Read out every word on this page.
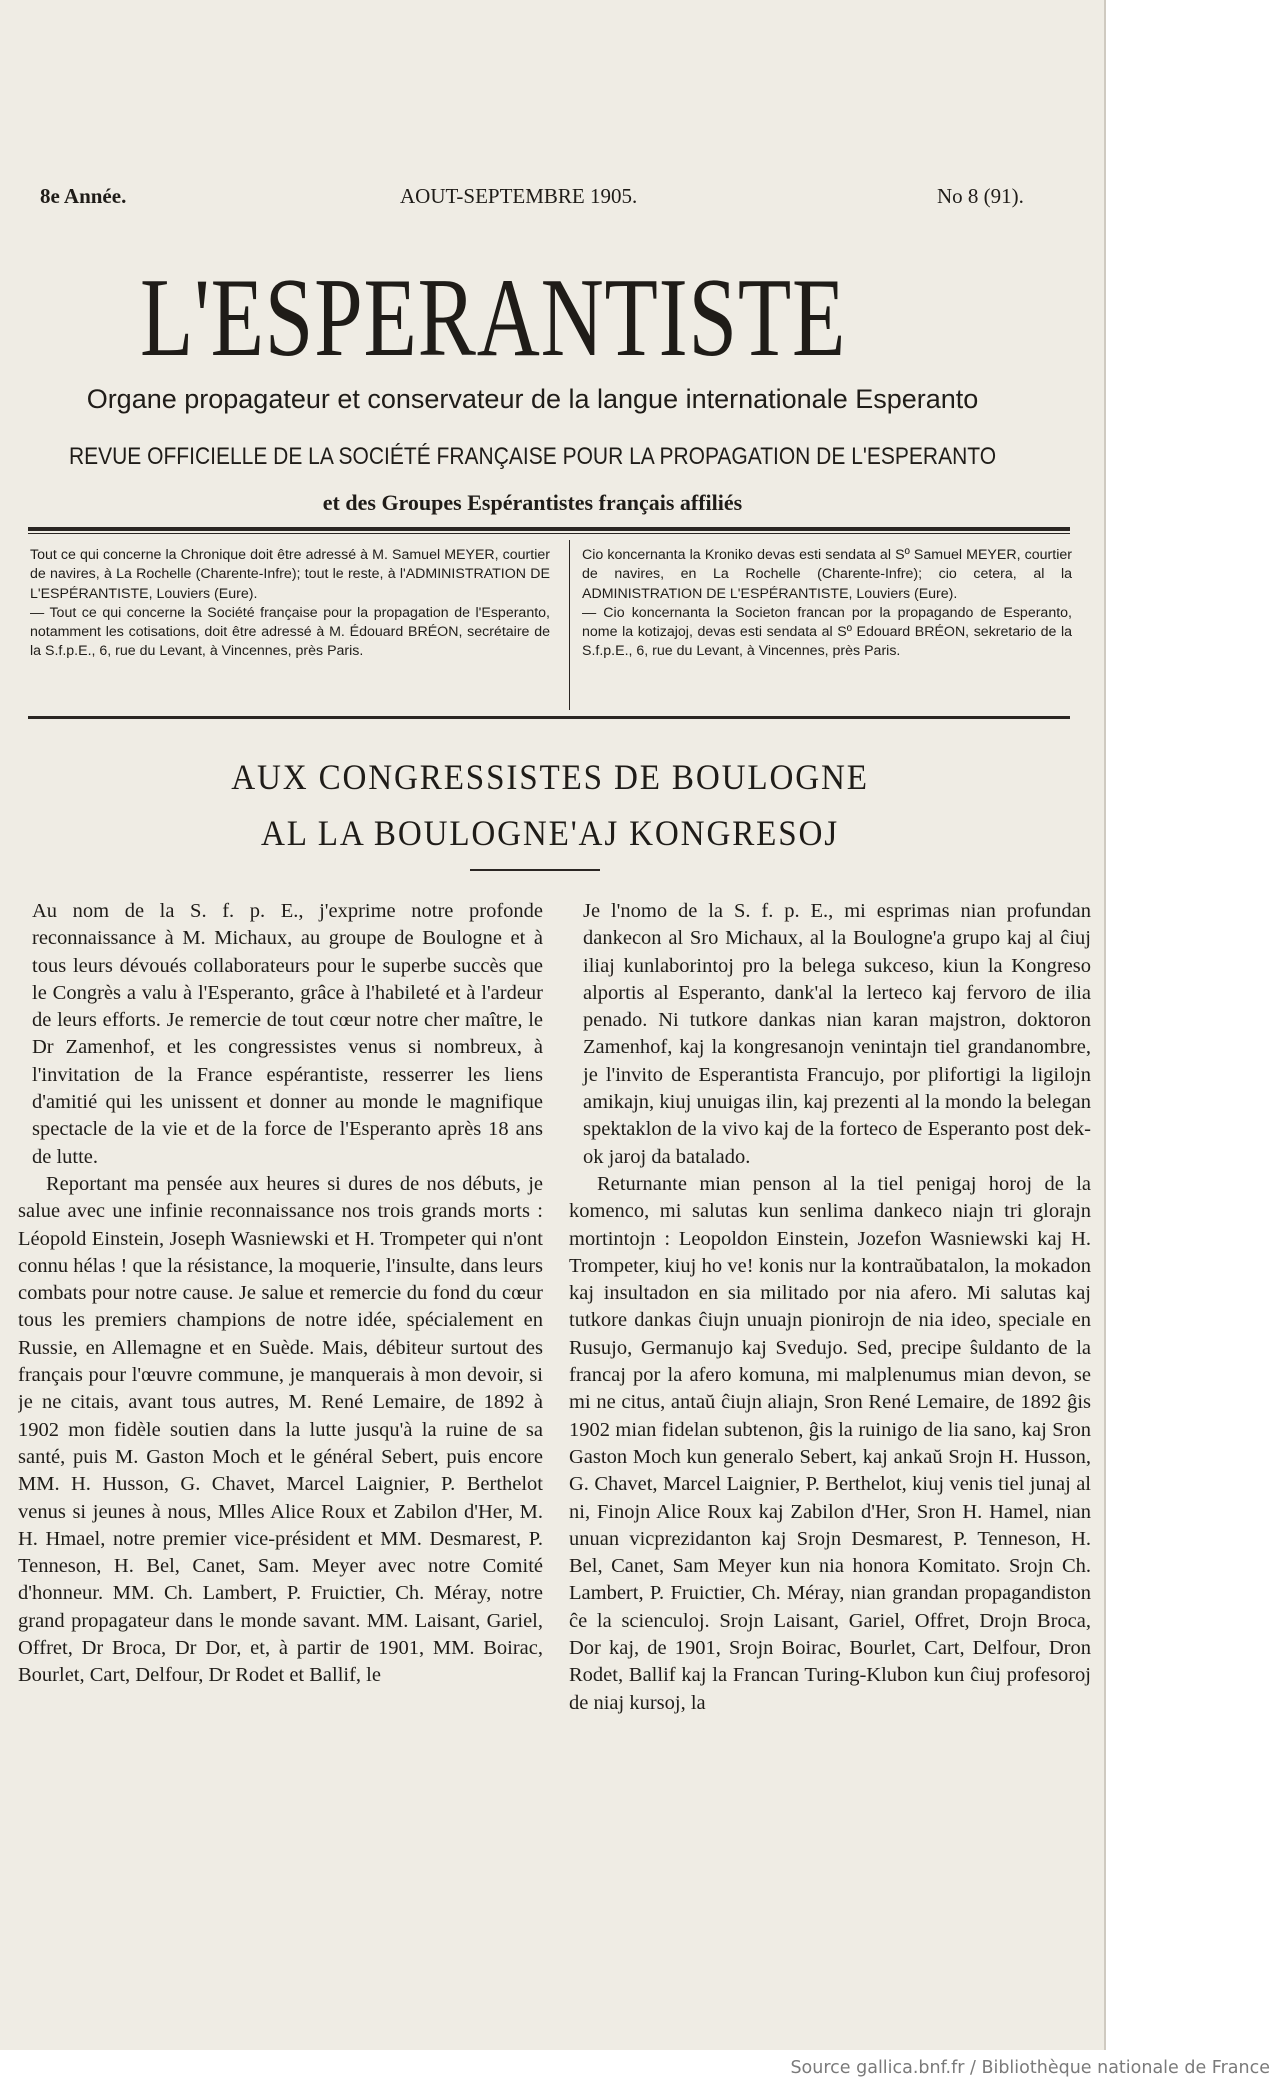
8e Année.	AOUT-SEPTEMBRE 1905.	No 8 (91).
L'ESPERANTISTE
Organe propagateur et conservateur de la langue internationale Esperanto
REVUE OFFICIELLE DE LA SOCIÉTÉ FRANÇAISE POUR LA PROPAGATION DE L'ESPERANTO
et des Groupes Espérantistes français affiliés

Tout ce qui concerne la Chronique doit être adressé à M. Samuel MEYER, courtier de navires, à La Rochelle (Charente-Infre); tout le reste, à l'ADMINISTRATION DE L'ESPÉRANTISTE, Louviers (Eure).

— Tout ce qui concerne la Société française pour la propagation de l'Esperanto, notamment les cotisations, doit être adressé à M. Édouard BRÉON, secrétaire de la S.f.p.E., 6, rue du Levant, à Vincennes, près Paris.

Cio koncernanta la Kroniko devas esti sendata al Sº Samuel MEYER, courtier de navires, en La Rochelle (Charente-Infre); cio cetera, al la ADMINISTRATION DE L'ESPÉRANTISTE, Louviers (Eure).

— Cio koncernanta la Societon francan por la propagando de Esperanto, nome la kotizajoj, devas esti sendata al Sº Edouard BRÉON, sekretario de la S.f.p.E., 6, rue du Levant, à Vincennes, près Paris.

AUX CONGRESSISTES DE BOULOGNE
AL LA BOULOGNE'AJ KONGRESOJ

Au nom de la S. f. p. E., j'exprime notre profonde reconnaissance à M. Michaux, au groupe de Boulogne et à tous leurs dévoués collaborateurs pour le superbe succès que le Congrès a valu à l'Esperanto, grâce à l'habileté et à l'ardeur de leurs efforts. Je remercie de tout cœur notre cher maître, le Dr Zamenhof, et les congressistes venus si nombreux, à l'invitation de la France espérantiste, resserrer les liens d'amitié qui les unissent et donner au monde le magnifique spectacle de la vie et de la force de l'Esperanto après 18 ans de lutte.

Reportant ma pensée aux heures si dures de nos débuts, je salue avec une infinie reconnaissance nos trois grands morts : Léopold Einstein, Joseph Wasniewski et H. Trompeter qui n'ont connu hélas ! que la résistance, la moquerie, l'insulte, dans leurs combats pour notre cause. Je salue et remercie du fond du cœur tous les premiers champions de notre idée, spécialement en Russie, en Allemagne et en Suède. Mais, débiteur surtout des français pour l'œuvre commune, je manquerais à mon devoir, si je ne citais, avant tous autres, M. René Lemaire, de 1892 à 1902 mon fidèle soutien dans la lutte jusqu'à la ruine de sa santé, puis M. Gaston Moch et le général Sebert, puis encore MM. H. Husson, G. Chavet, Marcel Laignier, P. Berthelot venus si jeunes à nous, Mlles Alice Roux et Zabilon d'Her, M. H. Hmael, notre premier vice-président et MM. Desmarest, P. Tenneson, H. Bel, Canet, Sam. Meyer avec notre Comité d'honneur. MM. Ch. Lambert, P. Fruictier, Ch. Méray, notre grand propagateur dans le monde savant. MM. Laisant, Gariel, Offret, Dr Broca, Dr Dor, et, à partir de 1901, MM. Boirac, Bourlet, Cart, Delfour, Dr Rodet et Ballif, le

Je l'nomo de la S. f. p. E., mi esprimas nian profundan dankecon al Sro Michaux, al la Boulogne'a grupo kaj al ĉiuj iliaj kunlaborintoj pro la belega sukceso, kiun la Kongreso alportis al Esperanto, dank'al la lerteco kaj fervoro de ilia penado. Ni tutkore dankas nian karan majstron, doktoron Zamenhof, kaj la kongresanojn venintajn tiel grandanombre, je l'invito de Esperantista Francujo, por plifortigi la ligilojn amikajn, kiuj unuigas ilin, kaj prezenti al la mondo la belegan spektaklon de la vivo kaj de la forteco de Esperanto post dek-ok jaroj da batalado.

Returnante mian penson al la tiel penigaj horoj de la komenco, mi salutas kun senlima dankeco niajn tri glorajn mortintojn : Leopoldon Einstein, Jozefon Wasniewski kaj H. Trompeter, kiuj ho ve! konis nur la kontraŭbatalon, la mokadon kaj insultadon en sia militado por nia afero. Mi salutas kaj tutkore dankas ĉiujn unuajn pionirojn de nia ideo, speciale en Rusujo, Germanujo kaj Svedujo. Sed, precipe ŝuldanto de la francaj por la afero komuna, mi malplenumus mian devon, se mi ne citus, antaŭ ĉiujn aliajn, Sron René Lemaire, de 1892 ĝis 1902 mian fidelan subtenon, ĝis la ruinigo de lia sano, kaj Sron Gaston Moch kun generalo Sebert, kaj ankaŭ Srojn H. Husson, G. Chavet, Marcel Laignier, P. Berthelot, kiuj venis tiel junaj al ni, Finojn Alice Roux kaj Zabilon d'Her, Sron H. Hamel, nian unuan vicprezidanton kaj Srojn Desmarest, P. Tenneson, H. Bel, Canet, Sam Meyer kun nia honora Komitato. Srojn Ch. Lambert, P. Fruictier, Ch. Méray, nian grandan propagandiston ĉe la scienculoj. Srojn Laisant, Gariel, Offret, Drojn Broca, Dor kaj, de 1901, Srojn Boirac, Bourlet, Cart, Delfour, Dron Rodet, Ballif kaj la Francan Turing-Klubon kun ĉiuj profesoroj de niaj kursoj, la

Source gallica.bnf.fr / Bibliothèque nationale de France
